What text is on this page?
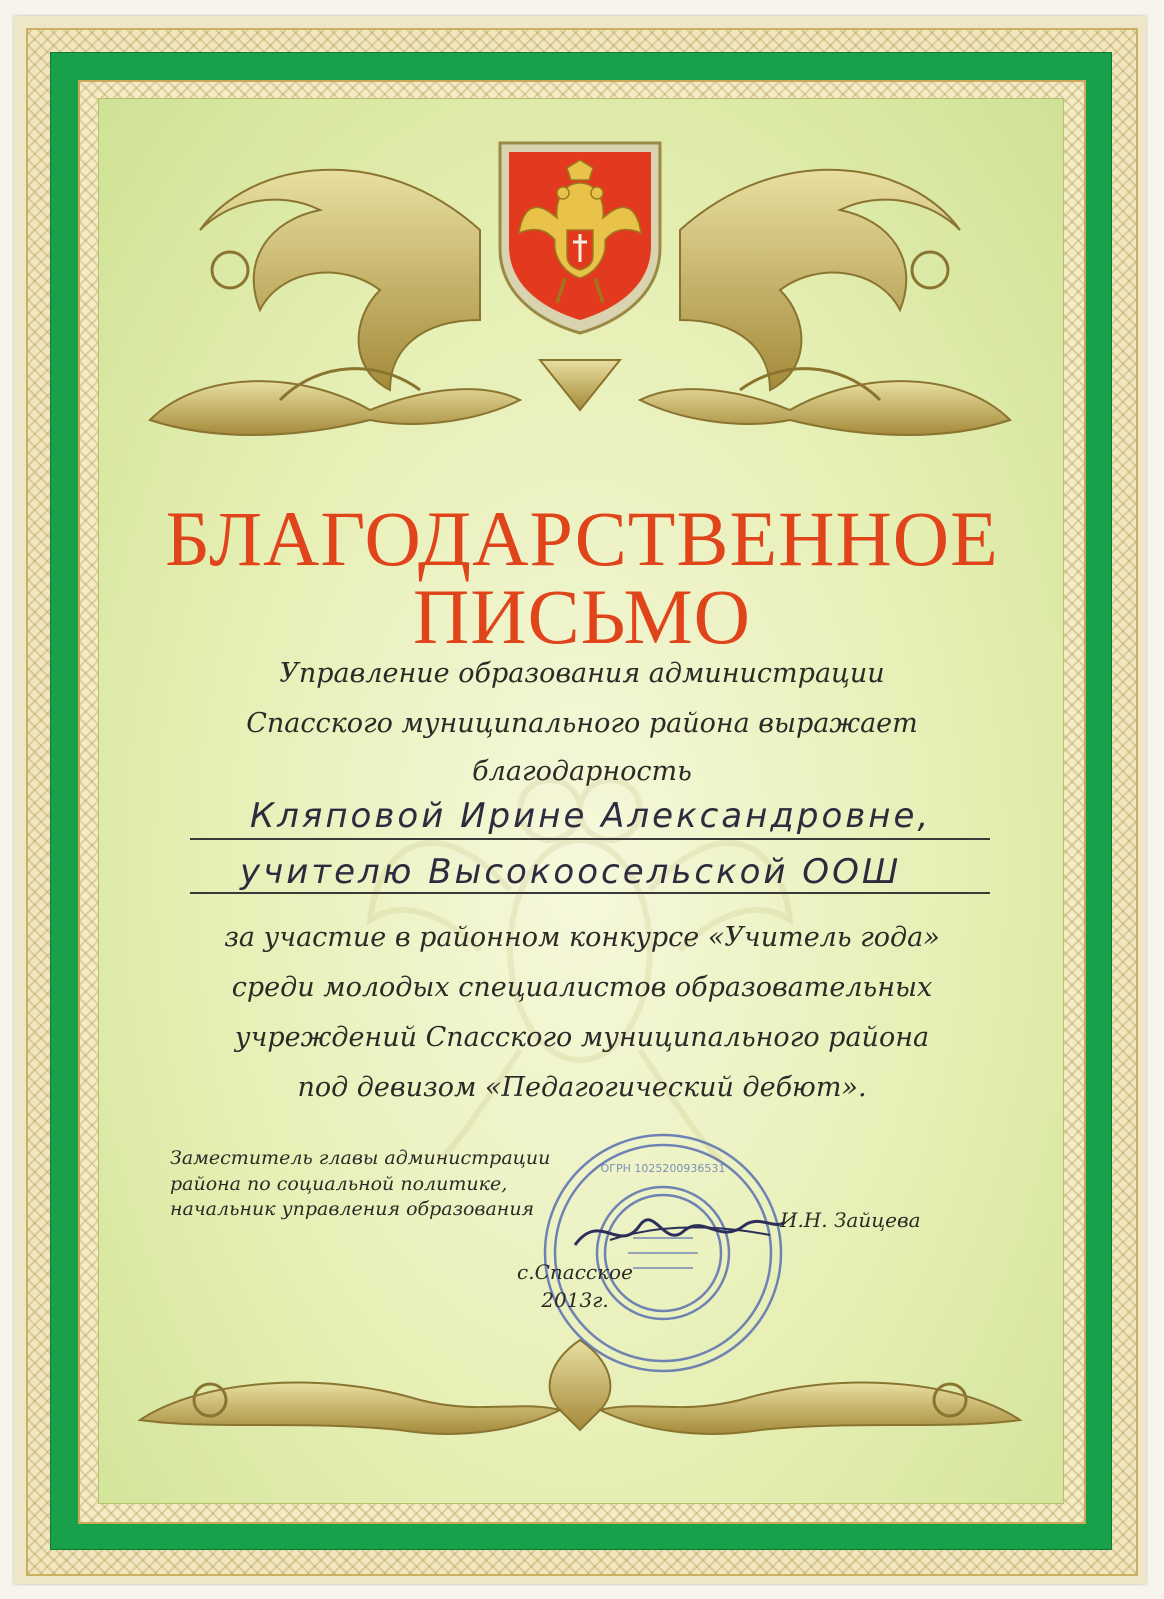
БЛАГОДАРСТВЕННОЕ
ПИСЬМО
Управление образования администрации
Спасского муниципального района выражает
благодарность
Кляповой Ирине Александровне,
учителю Высокоосельской ООШ
за участие в районном конкурсе «Учитель года»
среди молодых специалистов образовательных
учреждений Спасского муниципального района
под девизом «Педагогический дебют».
ОГРН 1025200936531
Заместитель главы администрации
района по социальной политике,
начальник управления образования	И.Н. Зайцева
с.Спасское
2013г.
